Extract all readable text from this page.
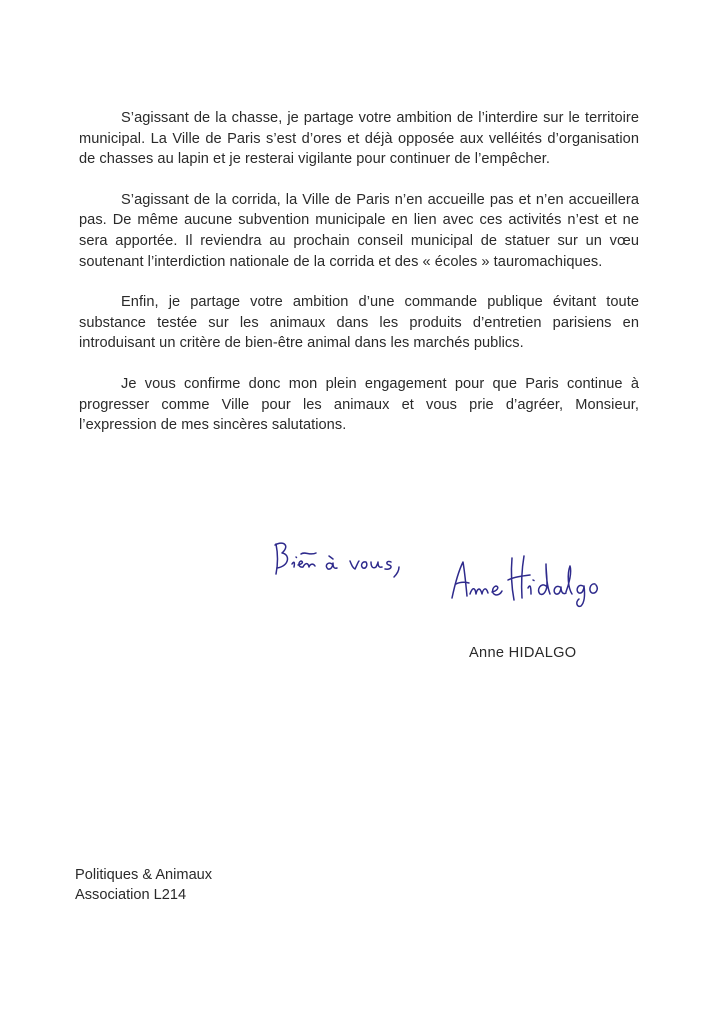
S’agissant de la chasse, je partage votre ambition de l’interdire sur le territoire municipal. La Ville de Paris s’est d’ores et déjà opposée aux velléités d’organisation de chasses au lapin et je resterai vigilante pour continuer de l’empêcher.

S’agissant de la corrida, la Ville de Paris n’en accueille pas et n’en accueillera pas. De même aucune subvention municipale en lien avec ces activités n’est et ne sera apportée. Il reviendra au prochain conseil municipal de statuer sur un vœu soutenant l’interdiction nationale de la corrida et des « écoles » tauromachiques.

Enfin, je partage votre ambition d’une commande publique évitant toute substance testée sur les animaux dans les produits d’entretien parisiens en introduisant un critère de bien-être animal dans les marchés publics.

Je vous confirme donc mon plein engagement pour que Paris continue à progresser comme Ville pour les animaux et vous prie d’agréer, Monsieur, l’expression de mes sincères salutations.

Anne HIDALGO
Politiques & Animaux
Association L214
